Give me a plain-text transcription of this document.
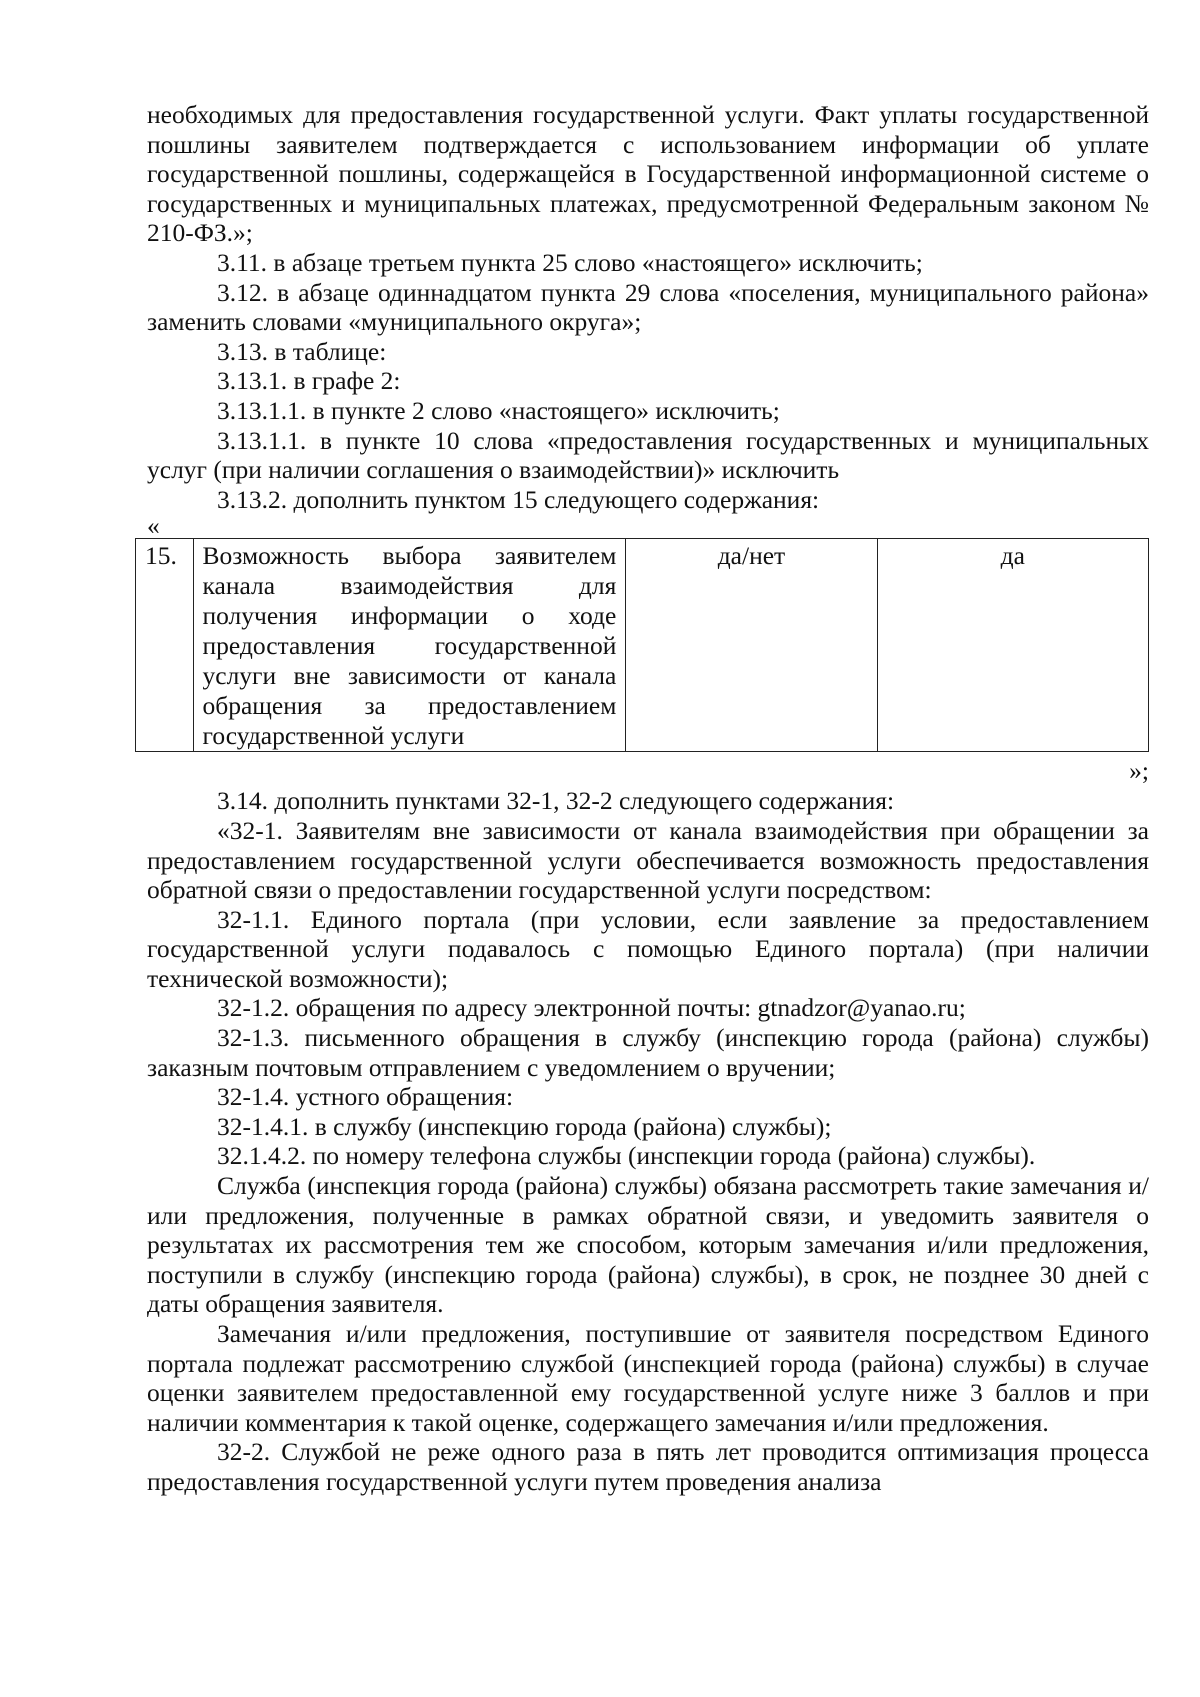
необходимых для предоставления государственной услуги. Факт уплаты государственной пошлины заявителем подтверждается с использованием информации об уплате государственной пошлины, содержащейся в Государственной информационной системе о государственных и муниципальных платежах, предусмотренной Федеральным законом № 210-ФЗ.»;

3.11. в абзаце третьем пункта 25 слово «настоящего» исключить;

3.12. в абзаце одиннадцатом пункта 29 слова «поселения, муниципального района» заменить словами «муниципального округа»;

3.13. в таблице:

3.13.1. в графе 2:

3.13.1.1. в пункте 2 слово «настоящего» исключить;

3.13.1.1. в пункте 10 слова «предоставления государственных и муниципальных услуг (при наличии соглашения о взаимодействии)» исключить

3.13.2. дополнить пунктом 15 следующего содержания:

«

15.	Возможность выбора заявителем канала взаимодействия для получения информации о ходе предоставления государственной услуги вне зависимости от канала обращения за предоставлением государственной услуги	да/нет	да

»;

3.14. дополнить пунктами 32-1, 32-2 следующего содержания:

«32-1. Заявителям вне зависимости от канала взаимодействия при обращении за предоставлением государственной услуги обеспечивается возможность предоставления обратной связи о предоставлении государственной услуги посредством:

32-1.1. Единого портала (при условии, если заявление за предоставлением государственной услуги подавалось с помощью Единого портала) (при наличии технической возможности);

32-1.2. обращения по адресу электронной почты: gtnadzor@yanao.ru;

32-1.3. письменного обращения в службу (инспекцию города (района) службы) заказным почтовым отправлением с уведомлением о вручении;

32-1.4. устного обращения:

32-1.4.1. в службу (инспекцию города (района) службы);

32.1.4.2. по номеру телефона службы (инспекции города (района) службы).

Служба (инспекция города (района) службы) обязана рассмотреть такие замечания и/или предложения, полученные в рамках обратной связи, и уведомить заявителя о результатах их рассмотрения тем же способом, которым замечания и/или предложения, поступили в службу (инспекцию города (района) службы), в срок, не позднее 30 дней с даты обращения заявителя.

Замечания и/или предложения, поступившие от заявителя посредством Единого портала подлежат рассмотрению службой (инспекцией города (района) службы) в случае оценки заявителем предоставленной ему государственной услуге ниже 3 баллов и при наличии комментария к такой оценке, содержащего замечания и/или предложения.

32-2. Службой не реже одного раза в пять лет проводится оптимизация процесса предоставления государственной услуги путем проведения анализа
